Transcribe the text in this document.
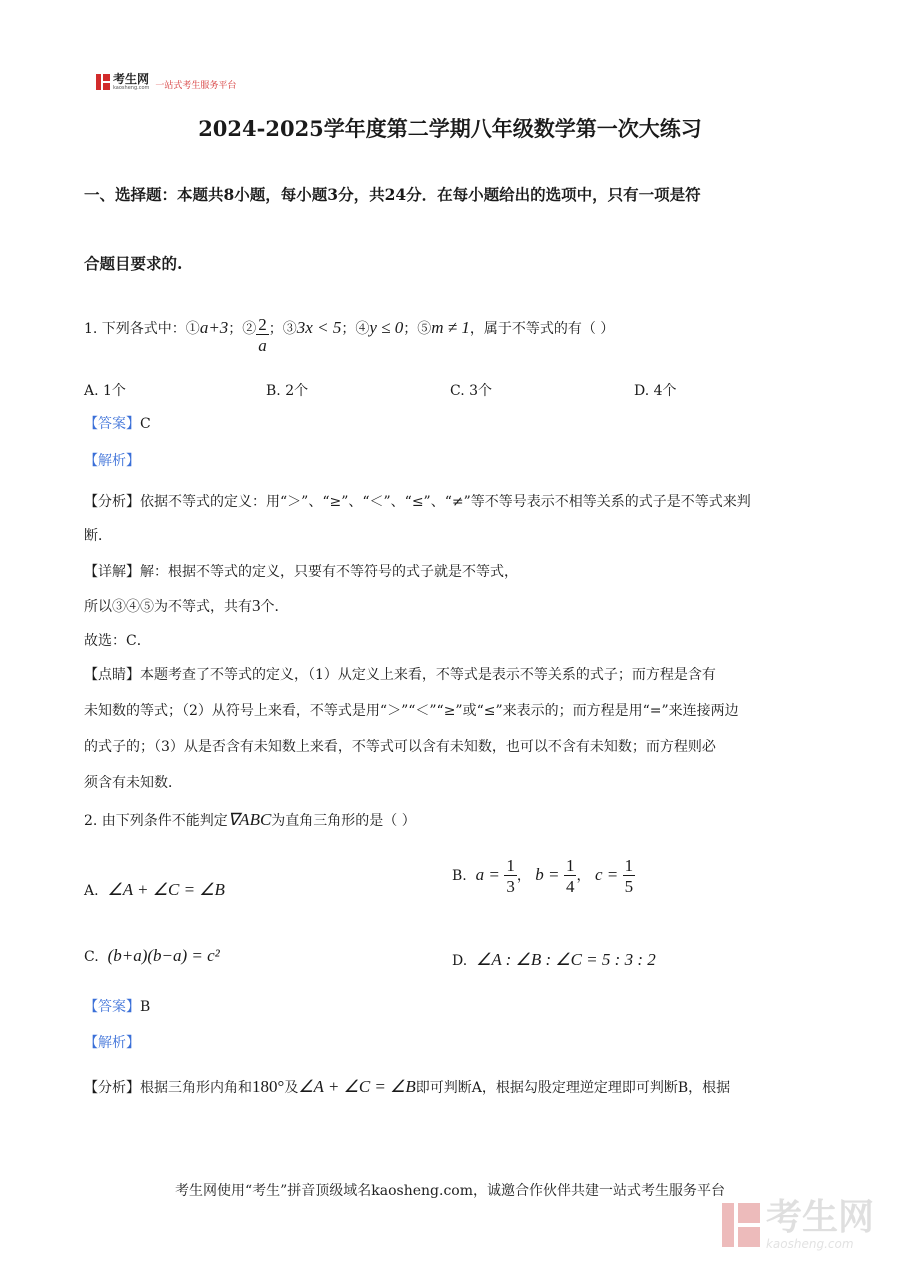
考生网
kaosheng.com 一站式考生服务平台
2024-2025学年度第二学期八年级数学第一次大练习
一、选择题：本题共8小题，每小题3分，共24分．在每小题给出的选项中，只有一项是符
合题目要求的.
1. 下列各式中：①a+3；② $\frac{2}{a}$ ；③3x < 5；④y ≤ 0；⑤m ≠ 1，属于不等式的有（ ）
A. 1个	B. 2个	C. 3个	D. 4个
【答案】C
【解析】
【分析】依据不等式的定义：用“＞”、“≥”、“＜”、“≤”、“≠”等不等号表示不相等关系的式子是不等式来判
断．
【详解】解：根据不等式的定义，只要有不等符号的式子就是不等式，
所以③④⑤为不等式，共有3个．
故选：C．
【点睛】本题考查了不等式的定义，（1）从定义上来看，不等式是表示不等关系的式子；而方程是含有
未知数的等式；（2）从符号上来看，不等式是用“＞”“＜”“≥”或“≤”来表示的；而方程是用“=”来连接两边
的式子的；（3）从是否含有未知数上来看，不等式可以含有未知数，也可以不含有未知数；而方程则必
须含有未知数．
2. 由下列条件不能判定∇ABC为直角三角形的是（ ）
A. ∠A + ∠C = ∠B
B. $a = \frac{1}{3}$ ， $b = \frac{1}{4}$ ， $c = \frac{1}{5}$
C. (b+a)(b−a) = c²	D. ∠A : ∠B : ∠C = 5 : 3 : 2
【答案】B
【解析】
【分析】根据三角形内角和180°及∠A + ∠C = ∠B即可判断A，根据勾股定理逆定理即可判断B，根据
考生网使用“考生”拼音顶级域名kaosheng.com，诚邀合作伙伴共建一站式考生服务平台
考生网
kaosheng.com
